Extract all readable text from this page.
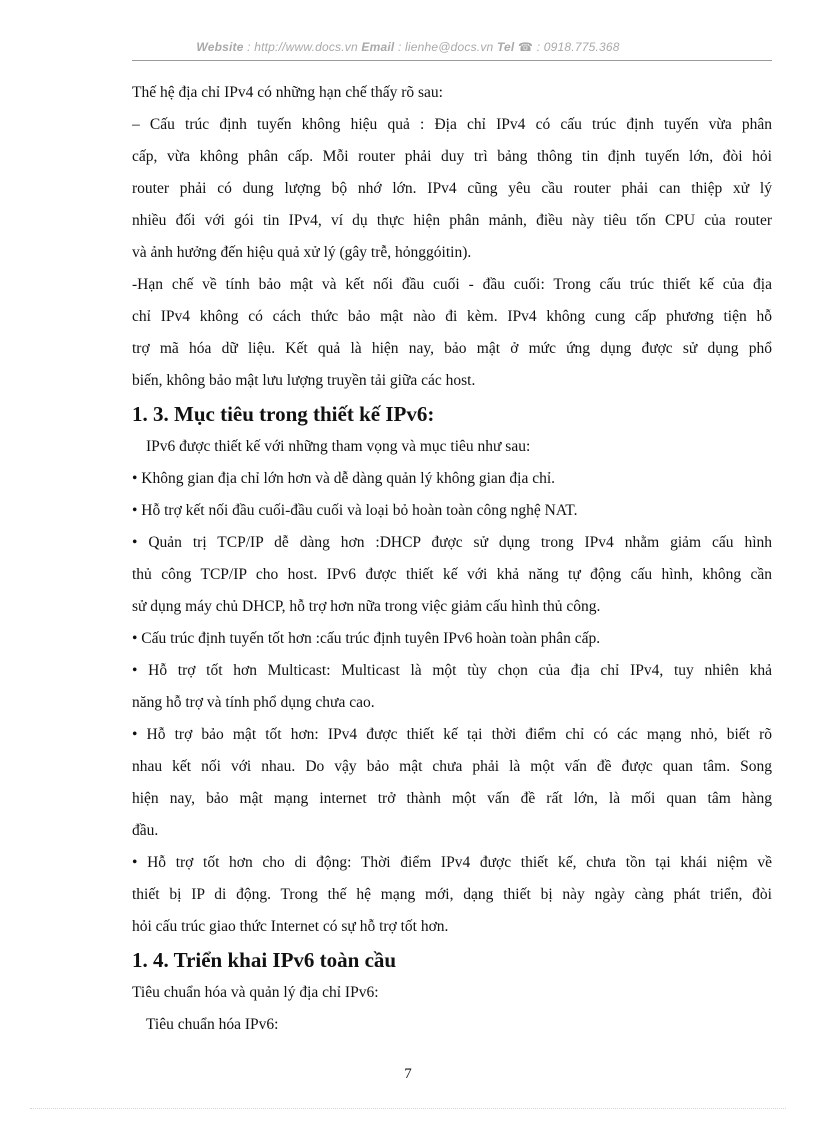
Website : http://www.docs.vn Email : lienhe@docs.vn Tel ☎ : 0918.775.368

Thế hệ địa chỉ IPv4 có những hạn chế thấy rõ sau:

– Cấu trúc định tuyến không hiệu quả : Địa chỉ IPv4 có cấu trúc định tuyến vừa phân

cấp, vừa không phân cấp. Mỗi router phải duy trì bảng thông tin định tuyến lớn, đòi hỏi

router phải có dung lượng bộ nhớ lớn. IPv4 cũng yêu cầu router phải can thiệp xử lý

nhiều đối với gói tin IPv4, ví dụ thực hiện phân mảnh, điều này tiêu tốn CPU của router

và ảnh hưởng đến hiệu quả xử lý (gây trễ, hỏnggóitin).

-Hạn chế về tính bảo mật và kết nối đầu cuối - đầu cuối: Trong cấu trúc thiết kế của địa

chỉ IPv4 không có cách thức bảo mật nào đi kèm. IPv4 không cung cấp phương tiện hỗ

trợ mã hóa dữ liệu. Kết quả là hiện nay, bảo mật ở mức ứng dụng được sử dụng phổ

biến, không bảo mật lưu lượng truyền tải giữa các host.

1. 3. Mục tiêu trong thiết kế IPv6:

IPv6 được thiết kế với những tham vọng và mục tiêu như sau:

• Không gian địa chỉ lớn hơn và dễ dàng quản lý không gian địa chỉ.

• Hỗ trợ kết nối đầu cuối-đầu cuối và loại bỏ hoàn toàn công nghệ NAT.

• Quản trị TCP/IP dễ dàng hơn :DHCP được sử dụng trong IPv4 nhằm giảm cấu hình

thủ công TCP/IP cho host. IPv6 được thiết kế với khả năng tự động cấu hình, không cần

sử dụng máy chủ DHCP, hỗ trợ hơn nữa trong việc giảm cấu hình thủ công.

• Cấu trúc định tuyến tốt hơn :cấu trúc định tuyên IPv6 hoàn toàn phân cấp.

• Hỗ trợ tốt hơn Multicast: Multicast là một tùy chọn của địa chỉ IPv4, tuy nhiên khả

năng hỗ trợ và tính phổ dụng chưa cao.

• Hỗ trợ bảo mật tốt hơn: IPv4 được thiết kế tại thời điểm chỉ có các mạng nhỏ, biết rõ

nhau kết nối với nhau. Do vậy bảo mật chưa phải là một vấn đề được quan tâm. Song

hiện nay, bảo mật mạng internet trở thành một vấn đề rất lớn, là mối quan tâm hàng

đầu.

• Hỗ trợ tốt hơn cho di động: Thời điểm IPv4 được thiết kế, chưa tồn tại khái niệm về

thiết bị IP di động. Trong thế hệ mạng mới, dạng thiết bị này ngày càng phát triển, đòi

hỏi cấu trúc giao thức Internet có sự hỗ trợ tốt hơn.

1. 4. Triển khai IPv6 toàn cầu

Tiêu chuẩn hóa và quản lý địa chỉ IPv6:

Tiêu chuẩn hóa IPv6:

7
